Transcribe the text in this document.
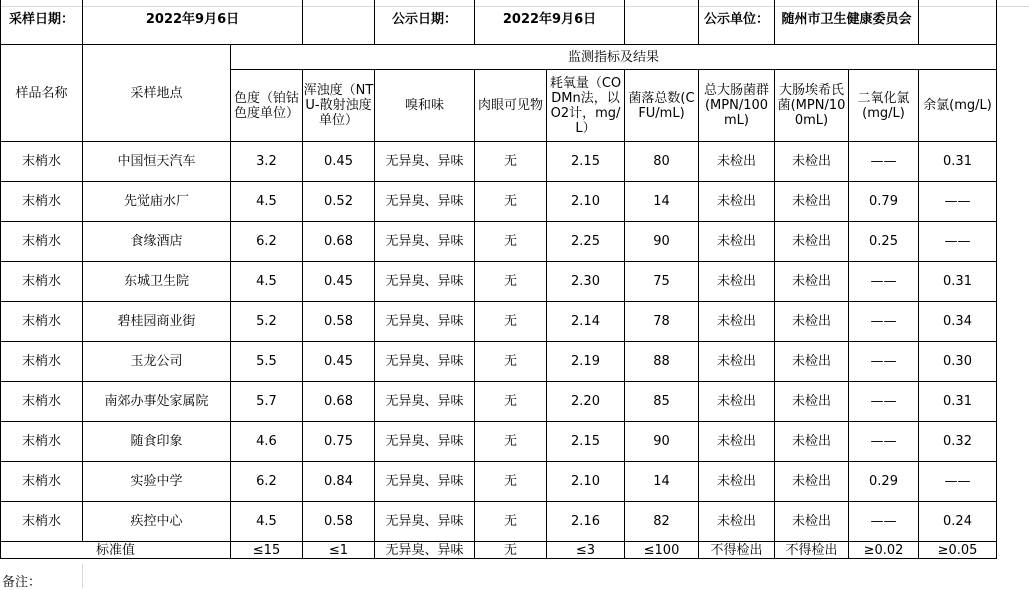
采样日期：	2022年9月6日			公示日期：	2022年9月6日			公示单位：	随州市卫生健康委员会		
样品名称	采样地点	监测指标及结果									
		色度（铂钴色度单位）	浑浊度（NTU-散射浊度单位）	嗅和味	肉眼可见物	耗氧量（CODMn法，以O2计，mg/L）	菌落总数(CFU/mL)	总大肠菌群(MPN/100mL)	大肠埃希氏菌(MPN/100mL)	二氧化氯(mg/L)	余氯(mg/L)
末梢水	中国恒天汽车	3.2	0.45	无异臭、异味	无	2.15	80	未检出	未检出	——	0.31
末梢水	先觉庙水厂	4.5	0.52	无异臭、异味	无	2.10	14	未检出	未检出	0.79	——
末梢水	食缘酒店	6.2	0.68	无异臭、异味	无	2.25	90	未检出	未检出	0.25	——
末梢水	东城卫生院	4.5	0.45	无异臭、异味	无	2.30	75	未检出	未检出	——	0.31
末梢水	碧桂园商业街	5.2	0.58	无异臭、异味	无	2.14	78	未检出	未检出	——	0.34
末梢水	玉龙公司	5.5	0.45	无异臭、异味	无	2.19	88	未检出	未检出	——	0.30
末梢水	南郊办事处家属院	5.7	0.68	无异臭、异味	无	2.20	85	未检出	未检出	——	0.31
末梢水	随食印象	4.6	0.75	无异臭、异味	无	2.15	90	未检出	未检出	——	0.32
末梢水	实验中学	6.2	0.84	无异臭、异味	无	2.10	14	未检出	未检出	0.29	——
末梢水	疾控中心	4.5	0.58	无异臭、异味	无	2.16	82	未检出	未检出	——	0.24
标准值		≤15	≤1	无异臭、异味	无	≤3	≤100	不得检出	不得检出	≥0.02	≥0.05
备注：
